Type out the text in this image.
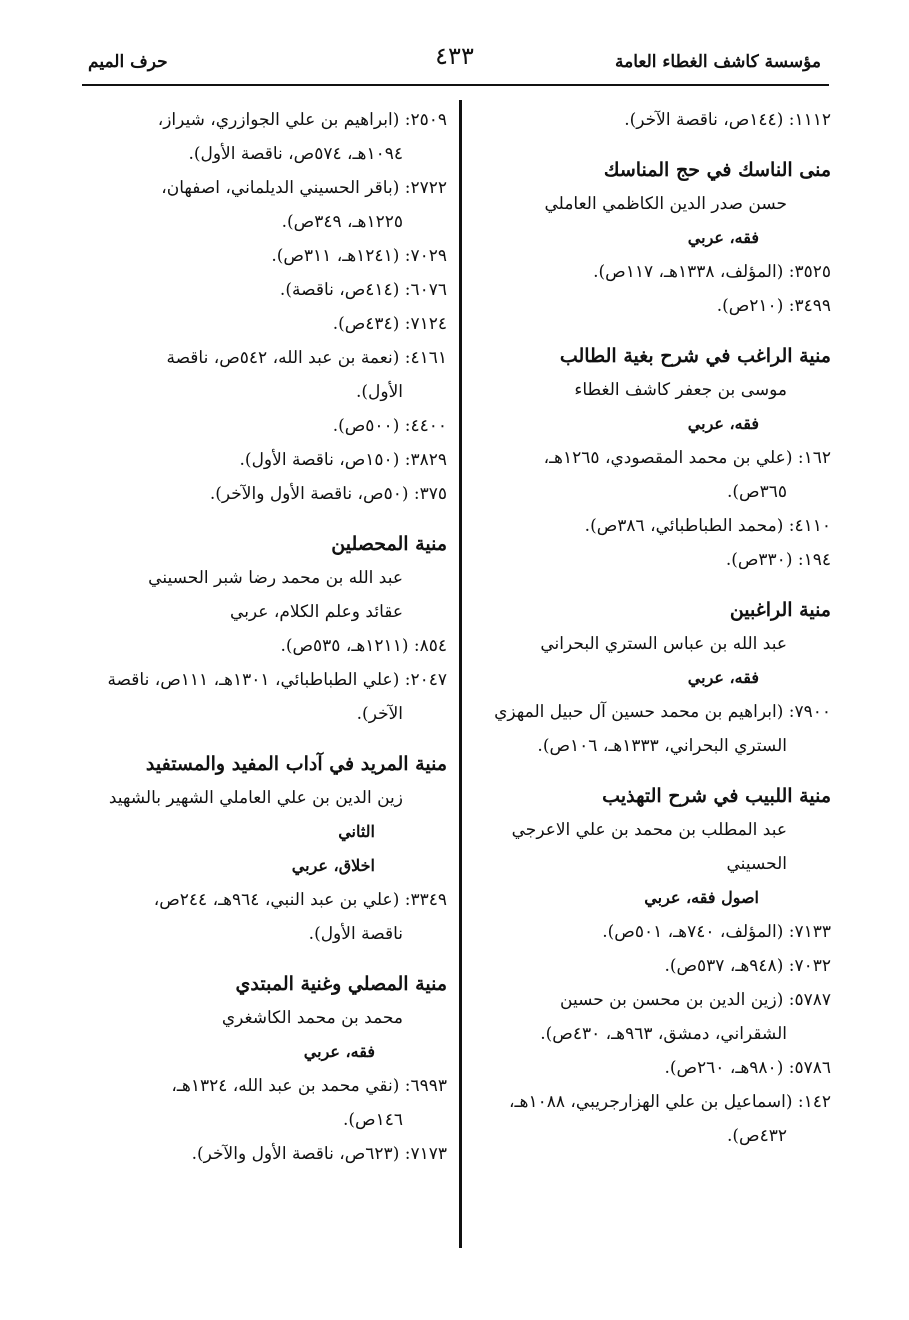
مؤسسة كاشف الغطاء العامة
٤٣٣
حرف الميم
١١١٢: (١٤٤ص، ناقصة الآخر).
منى الناسك في حج المناسك
حسن صدر الدين الكاظمي العاملي
فقه، عربي
٣٥٢٥: (المؤلف، ١٣٣٨هـ، ١١٧ص).
٣٤٩٩: (٢١٠ص).
منية الراغب في شرح بغية الطالب
موسى بن جعفر كاشف الغطاء
فقه، عربي
١٦٢: (علي بن محمد المقصودي، ١٢٦٥هـ،
٣٦٥ص).
٤١١٠: (محمد الطباطبائي، ٣٨٦ص).
١٩٤: (٣٣٠ص).
منية الراغبين
عبد الله بن عباس الستري البحراني
فقه، عربي
٧٩٠٠: (ابراهيم بن محمد حسين آل حبيل المهزي
الستري البحراني، ١٣٣٣هـ، ١٠٦ص).
منية اللبيب في شرح التهذيب
عبد المطلب بن محمد بن علي الاعرجي
الحسيني
اصول فقه، عربي
٧١٣٣: (المؤلف، ٧٤٠هـ، ٥٠١ص).
٧٠٣٢: (٩٤٨هـ، ٥٣٧ص).
٥٧٨٧: (زين الدين بن محسن بن حسين
الشقراني، دمشق، ٩٦٣هـ، ٤٣٠ص).
٥٧٨٦: (٩٨٠هـ، ٢٦٠ص).
١٤٢: (اسماعيل بن علي الهزارجريبي، ١٠٨٨هـ،
٤٣٢ص).
٢٥٠٩: (ابراهيم بن علي الجوازري، شيراز،
١٠٩٤هـ، ٥٧٤ص، ناقصة الأول).
٢٧٢٢: (باقر الحسيني الديلماني، اصفهان،
١٢٢٥هـ، ٣٤٩ص).
٧٠٢٩: (١٢٤١هـ، ٣١١ص).
٦٠٧٦: (٤١٤ص، ناقصة).
٧١٢٤: (٤٣٤ص).
٤١٦١: (نعمة بن عبد الله، ٥٤٢ص، ناقصة
الأول).
٤٤٠٠: (٥٠٠ص).
٣٨٢٩: (١٥٠ص، ناقصة الأول).
٣٧٥: (٥٠ص، ناقصة الأول والآخر).
منية المحصلين
عبد الله بن محمد رضا شبر الحسيني
عقائد وعلم الكلام، عربي
٨٥٤: (١٢١١هـ، ٥٣٥ص).
٢٠٤٧: (علي الطباطبائي، ١٣٠١هـ، ١١١ص، ناقصة
الآخر).
منية المريد في آداب المفيد والمستفيد
زين الدين بن علي العاملي الشهير بالشهيد
الثاني
اخلاق، عربي
٣٣٤٩: (علي بن عبد النبي، ٩٦٤هـ، ٢٤٤ص،
ناقصة الأول).
منية المصلي وغنية المبتدي
محمد بن محمد الكاشغري
فقه، عربي
٦٩٩٣: (نقي محمد بن عبد الله، ١٣٢٤هـ،
١٤٦ص).
٧١٧٣: (٦٢٣ص، ناقصة الأول والآخر).
